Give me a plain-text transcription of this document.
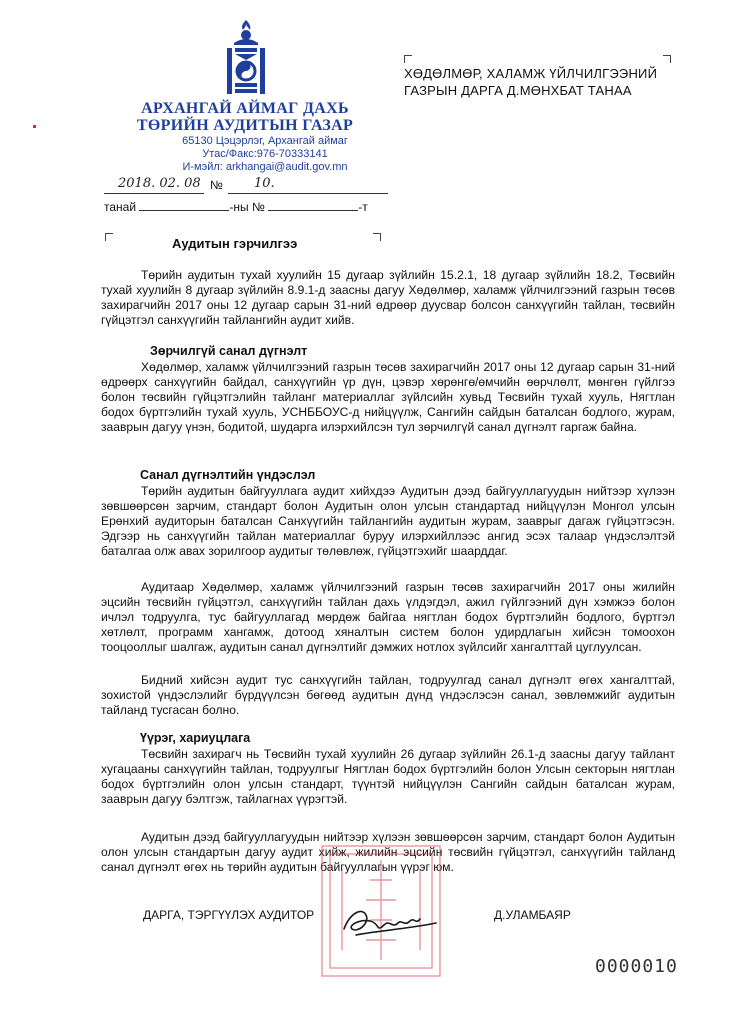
АРХАНГАЙ АЙМАГ ДАХЬ
ТӨРИЙН АУДИТЫН ГАЗАР
65130 Цэцэрлэг, Архангай аймаг
Утас/Факс:976-70333141
И-мэйл: arkhangai@audit.gov.mn
2018. 02. 08 № 10.
танай	-ны №	-т
ХӨДӨЛМӨР, ХАЛАМЖ ҮЙЛЧИЛГЭЭНИЙ
ГАЗРЫН ДАРГА Д.МӨНХБАТ ТАНАА
Аудитын гэрчилгээ
Төрийн аудитын тухай хуулийн 15 дугаар зүйлийн 15.2.1, 18 дугаар зүйлийн 18.2, Төсвийн тухай хуулийн 8 дугаар зүйлийн 8.9.1-д заасны дагуу Хөдөлмөр, халамж үйлчилгээний газрын төсөв захирагчийн 2017 оны 12 дугаар сарын 31-ний өдрөөр дуусвар болсон санхүүгийн тайлан, төсвийн гүйцэтгэл санхүүгийн тайлангийн аудит хийв.
Зөрчилгүй санал дүгнэлт
Хөдөлмөр, халамж үйлчилгээний газрын төсөв захирагчийн 2017 оны 12 дугаар сарын 31-ний өдрөөрх санхүүгийн байдал, санхүүгийн үр дүн, цэвэр хөрөнгө/өмчийн өөрчлөлт, мөнгөн гүйлгээ болон төсвийн гүйцэтгэлийн тайланг материаллаг зүйлсийн хувьд Төсвийн тухай хууль, Нягтлан бодох бүртгэлийн тухай хууль, УСНББОУС-д нийцүүлж, Сангийн сайдын баталсан бодлого, журам, зааврын дагуу үнэн, бодитой, шударга илэрхийлсэн тул зөрчилгүй санал дүгнэлт гаргаж байна.
Санал дүгнэлтийн үндэслэл
Төрийн аудитын байгууллага аудит хийхдээ Аудитын дээд байгууллагуудын нийтээр хүлээн зөвшөөрсөн зарчим, стандарт болон Аудитын олон улсын стандартад нийцүүлэн Монгол улсын Ерөнхий аудиторын баталсан Санхүүгийн тайлангийн аудитын журам, зааврыг дагаж гүйцэтгэсэн. Эдгээр нь санхүүгийн тайлан материаллаг буруу илэрхийллээс ангид эсэх талаар үндэслэлтэй баталгаа олж авах зорилгоор аудитыг төлөвлөж, гүйцэтгэхийг шаарддаг.
Аудитаар Хөдөлмөр, халамж үйлчилгээний газрын төсөв захирагчийн 2017 оны жилийн эцсийн төсвийн гүйцэтгэл, санхүүгийн тайлан дахь үлдэгдэл, ажил гүйлгээний дүн хэмжээ болон ичлэл тодруулга, тус байгууллагад мөрдөж байгаа нягтлан бодох бүртгэлийн бодлого, бүртгэл хөтлөлт, программ хангамж, дотоод хяналтын систем болон удирдлагын хийсэн томоохон тооцооллыг шалгаж, аудитын санал дүгнэлтийг дэмжих нотлох зүйлсийг хангалттай цуглуулсан.
Бидний хийсэн аудит тус санхүүгийн тайлан, тодруулгад санал дүгнэлт өгөх хангалттай, зохистой үндэслэлийг бүрдүүлсэн бөгөөд аудитын дүнд үндэслэсэн санал, зөвлөмжийг аудитын тайланд тусгасан болно.
Үүрэг, хариуцлага
Төсвийн захирагч нь Төсвийн тухай хуулийн 26 дугаар зүйлийн 26.1-д заасны дагуу тайлант хугацааны санхүүгийн тайлан, тодруулгыг Нягтлан бодох бүртгэлийн болон Улсын секторын нягтлан бодох бүртгэлийн олон улсын стандарт, түүнтэй нийцүүлэн Сангийн сайдын баталсан журам, зааврын дагуу бэлтгэж, тайлагнах үүрэгтэй.
Аудитын дээд байгууллагуудын нийтээр хүлээн зөвшөөрсөн зарчим, стандарт болон Аудитын олон улсын стандартын дагуу аудит хийж, жилийн эцсийн төсвийн гүйцэтгэл, санхүүгийн тайланд санал дүгнэлт өгөх нь төрийн аудитын байгууллагын үүрэг юм.
ДАРГА, ТЭРГҮҮЛЭХ АУДИТОР	Д.УЛАМБАЯР
0000010
